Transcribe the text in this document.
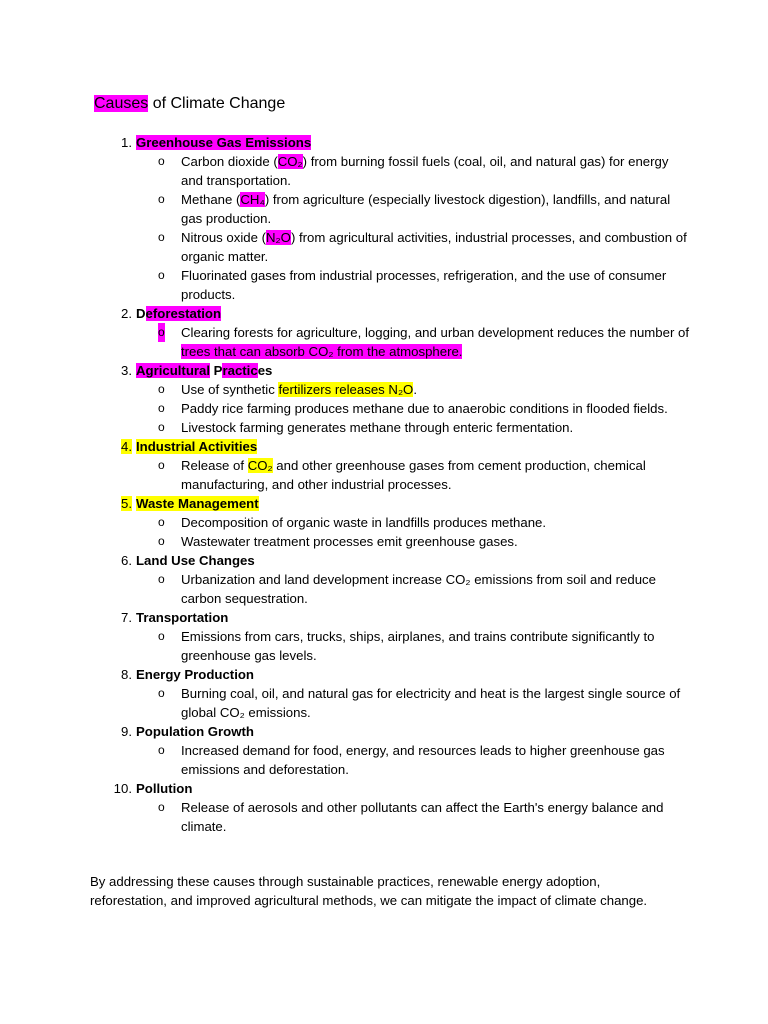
Causes of Climate Change
1. Greenhouse Gas Emissions
o Carbon dioxide (CO₂) from burning fossil fuels (coal, oil, and natural gas) for energy and transportation.
o Methane (CH₄) from agriculture (especially livestock digestion), landfills, and natural gas production.
o Nitrous oxide (N₂O) from agricultural activities, industrial processes, and combustion of organic matter.
o Fluorinated gases from industrial processes, refrigeration, and the use of consumer products.
2. Deforestation
o Clearing forests for agriculture, logging, and urban development reduces the number of trees that can absorb CO₂ from the atmosphere.
3. Agricultural Practices
o Use of synthetic fertilizers releases N₂O.
o Paddy rice farming produces methane due to anaerobic conditions in flooded fields.
o Livestock farming generates methane through enteric fermentation.
4. Industrial Activities
o Release of CO₂ and other greenhouse gases from cement production, chemical manufacturing, and other industrial processes.
5. Waste Management
o Decomposition of organic waste in landfills produces methane.
o Wastewater treatment processes emit greenhouse gases.
6. Land Use Changes
o Urbanization and land development increase CO₂ emissions from soil and reduce carbon sequestration.
7. Transportation
o Emissions from cars, trucks, ships, airplanes, and trains contribute significantly to greenhouse gas levels.
8. Energy Production
o Burning coal, oil, and natural gas for electricity and heat is the largest single source of global CO₂ emissions.
9. Population Growth
o Increased demand for food, energy, and resources leads to higher greenhouse gas emissions and deforestation.
10. Pollution
o Release of aerosols and other pollutants can affect the Earth's energy balance and climate.

By addressing these causes through sustainable practices, renewable energy adoption, reforestation, and improved agricultural methods, we can mitigate the impact of climate change.
